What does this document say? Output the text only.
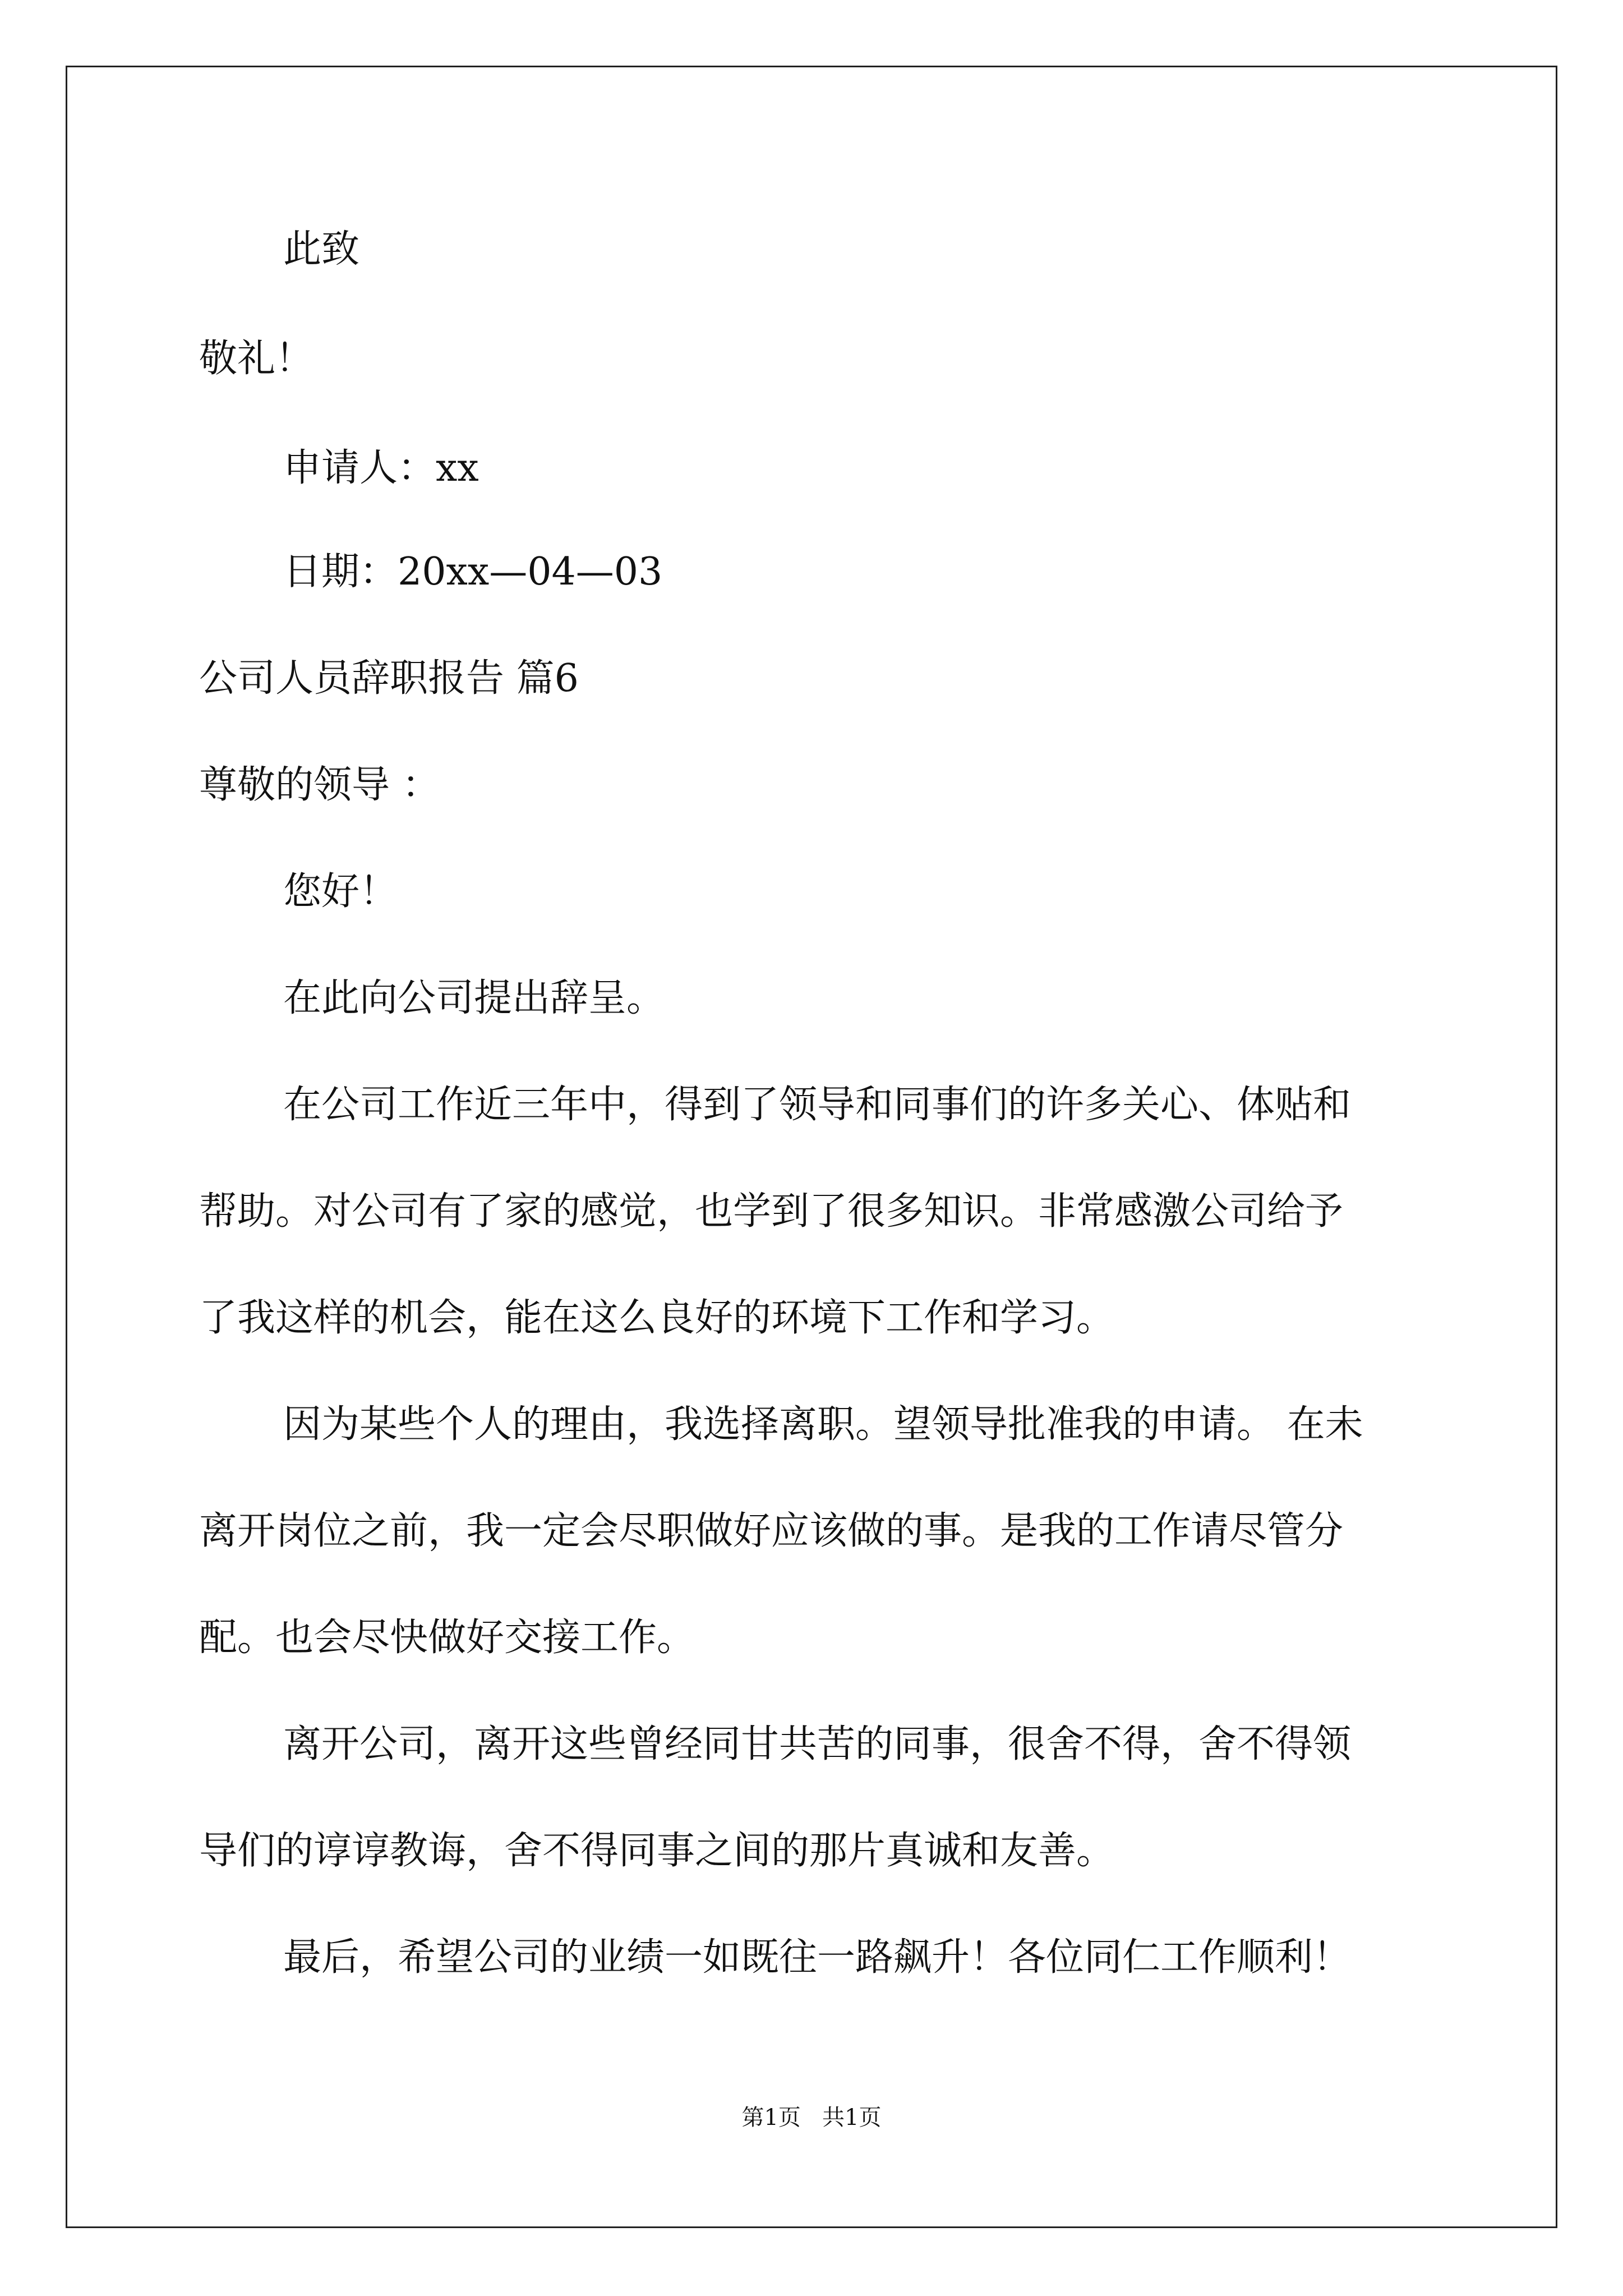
此致
敬礼！
申请人：xx
日期：20xx—04—03
公司人员辞职报告 篇6
尊敬的领导 ：
您好！
在此向公司提出辞呈。
在公司工作近三年中，得到了领导和同事们的许多关心、体贴和
帮助。对公司有了家的感觉，也学到了很多知识。非常感激公司给予
了我这样的机会，能在这么良好的环境下工作和学习。
因为某些个人的理由，我选择离职。望领导批准我的申请。 在未
离开岗位之前，我一定会尽职做好应该做的事。是我的工作请尽管分
配。也会尽快做好交接工作。
离开公司，离开这些曾经同甘共苦的同事，很舍不得，舍不得领
导们的谆谆教诲，舍不得同事之间的那片真诚和友善。
最后，希望公司的业绩一如既往一路飙升！各位同仁工作顺利！
第1页   共1页
